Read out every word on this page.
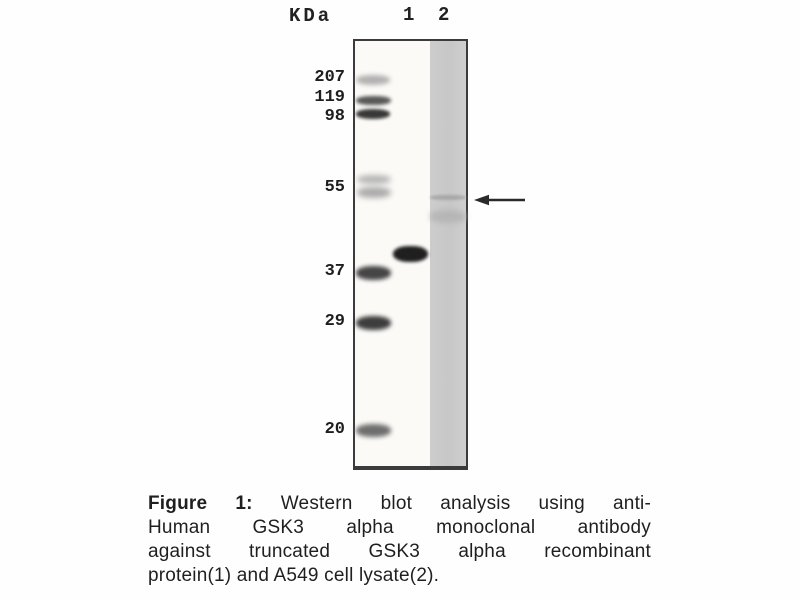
KDa	1 2
207
119
98
55
37
29
20
Figure 1: Western blot analysis using anti-
Human GSK3 alpha monoclonal antibody
against truncated GSK3 alpha recombinant
protein(1) and A549 cell lysate(2).
